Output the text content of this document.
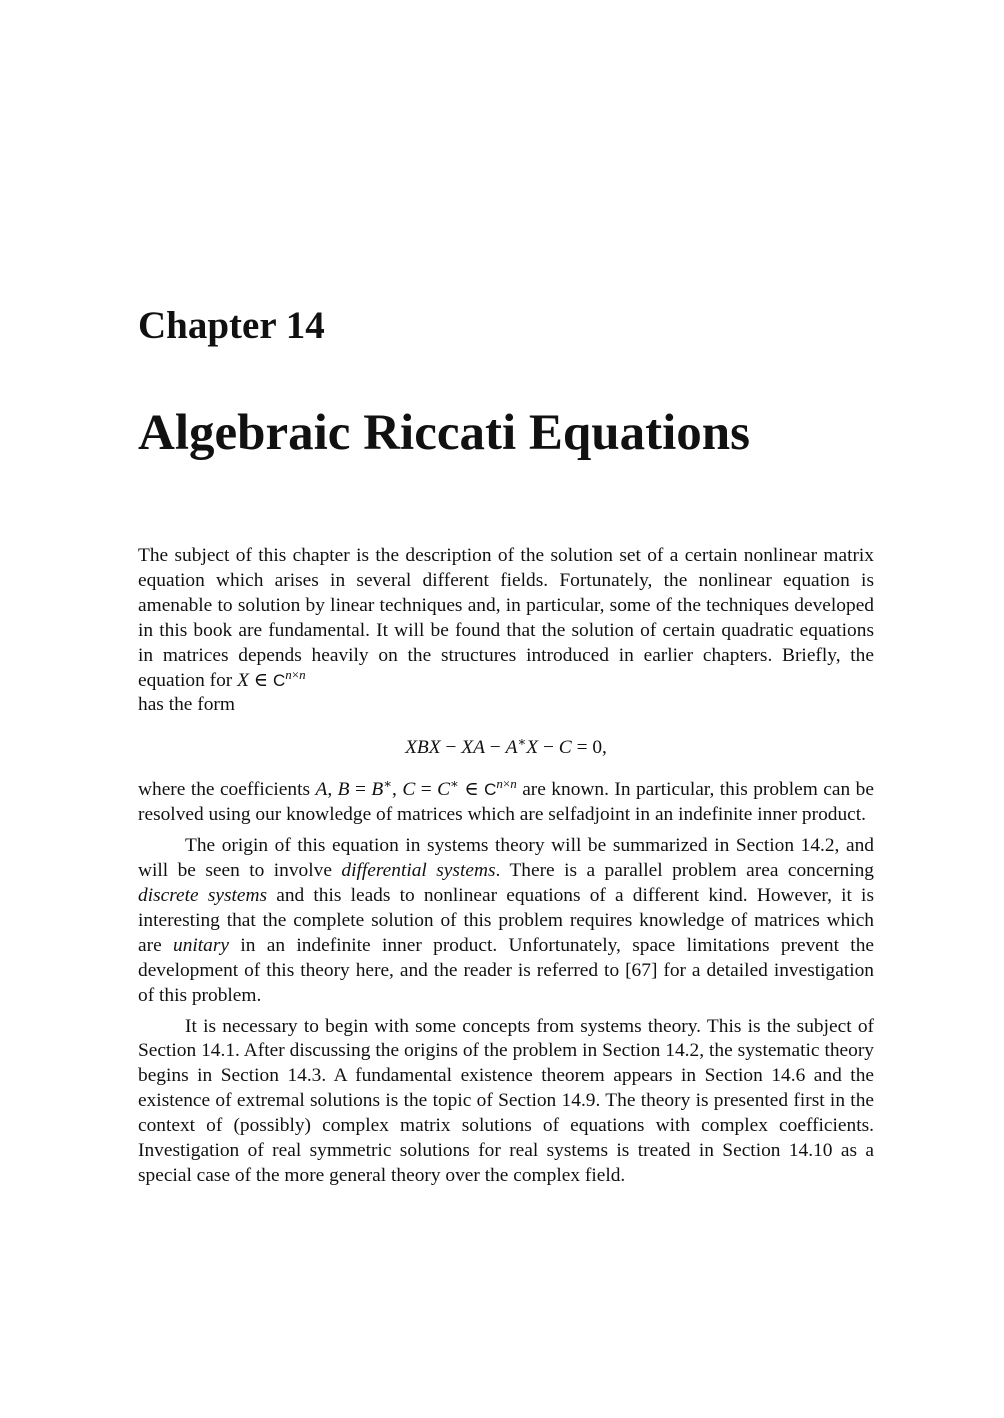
Chapter 14
Algebraic Riccati Equations

The subject of this chapter is the description of the solution set of a certain nonlinear matrix equation which arises in several different fields. Fortunately, the nonlinear equation is amenable to solution by linear techniques and, in particular, some of the techniques developed in this book are fundamental. It will be found that the solution of certain quadratic equations in matrices depends heavily on the structures introduced in earlier chapters. Briefly, the equation for X ∈ $C^{n\times n}$
has the form

XBX − XA − A∗X − C = 0,

where the coefficients A, B = B∗, C = C∗ ∈ $C^{n\times n}$ are known. In particular, this problem can be resolved using our knowledge of matrices which are selfadjoint in an indefinite inner product.

The origin of this equation in systems theory will be summarized in Section 14.2, and will be seen to involve differential systems. There is a parallel problem area concerning discrete systems and this leads to nonlinear equations of a different kind. However, it is interesting that the complete solution of this problem requires knowledge of matrices which are unitary in an indefinite inner product. Unfortunately, space limitations prevent the development of this theory here, and the reader is referred to [67] for a detailed investigation of this problem.

It is necessary to begin with some concepts from systems theory. This is the subject of Section 14.1. After discussing the origins of the problem in Section 14.2, the systematic theory begins in Section 14.3. A fundamental existence theorem appears in Section 14.6 and the existence of extremal solutions is the topic of Section 14.9. The theory is presented first in the context of (possibly) complex matrix solutions of equations with complex coefficients. Investigation of real symmetric solutions for real systems is treated in Section 14.10 as a special case of the more general theory over the complex field.
